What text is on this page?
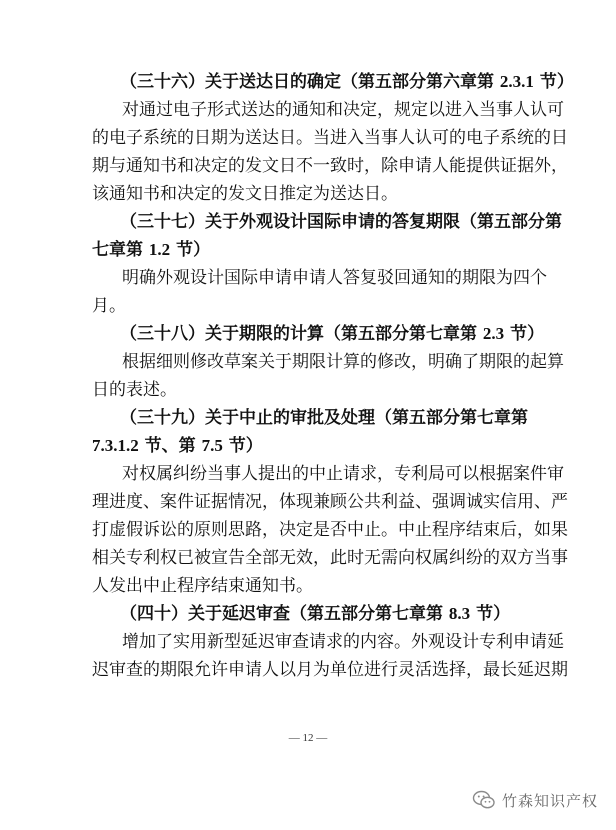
（三十六）关于送达日的确定（第五部分第六章第 2.3.1 节）
对通过电子形式送达的通知和决定，规定以进入当事人认可
的电子系统的日期为送达日。当进入当事人认可的电子系统的日
期与通知书和决定的发文日不一致时，除申请人能提供证据外，
该通知书和决定的发文日推定为送达日。
（三十七）关于外观设计国际申请的答复期限（第五部分第
七章第 1.2 节）
明确外观设计国际申请申请人答复驳回通知的期限为四个
月。
（三十八）关于期限的计算（第五部分第七章第 2.3 节）
根据细则修改草案关于期限计算的修改，明确了期限的起算
日的表述。
（三十九）关于中止的审批及处理（第五部分第七章第
7.3.1.2 节、第 7.5 节）
对权属纠纷当事人提出的中止请求，专利局可以根据案件审
理进度、案件证据情况，体现兼顾公共利益、强调诚实信用、严
打虚假诉讼的原则思路，决定是否中止。中止程序结束后，如果
相关专利权已被宣告全部无效，此时无需向权属纠纷的双方当事
人发出中止程序结束通知书。
（四十）关于延迟审查（第五部分第七章第 8.3 节）
增加了实用新型延迟审查请求的内容。外观设计专利申请延
迟审查的期限允许申请人以月为单位进行灵活选择，最长延迟期
— 12 —
竹森知识产权
